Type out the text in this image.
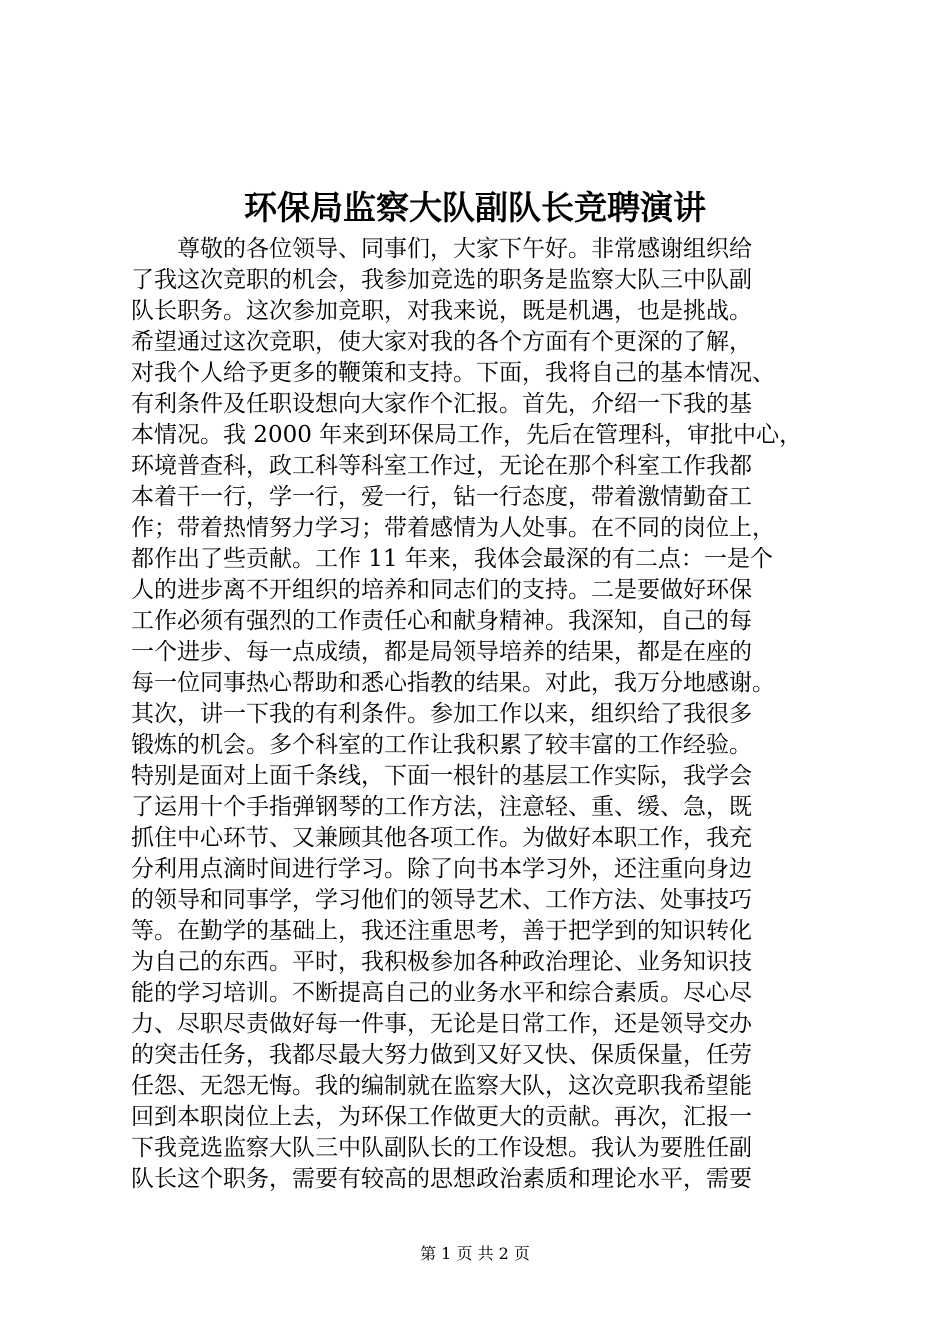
环保局监察大队副队长竞聘演讲
　　尊敬的各位领导、同事们，大家下午好。非常感谢组织给
了我这次竞职的机会，我参加竞选的职务是监察大队三中队副
队长职务。这次参加竞职，对我来说，既是机遇，也是挑战。
希望通过这次竞职，使大家对我的各个方面有个更深的了解，
对我个人给予更多的鞭策和支持。下面，我将自己的基本情况、
有利条件及任职设想向大家作个汇报。首先，介绍一下我的基
本情况。我 2000 年来到环保局工作，先后在管理科，审批中心，
环境普查科，政工科等科室工作过，无论在那个科室工作我都
本着干一行，学一行，爱一行，钻一行态度，带着激情勤奋工
作；带着热情努力学习；带着感情为人处事。在不同的岗位上，
都作出了些贡献。工作 11 年来，我体会最深的有二点：一是个
人的进步离不开组织的培养和同志们的支持。二是要做好环保
工作必须有强烈的工作责任心和献身精神。我深知，自己的每
一个进步、每一点成绩，都是局领导培养的结果，都是在座的
每一位同事热心帮助和悉心指教的结果。对此，我万分地感谢。
其次，讲一下我的有利条件。参加工作以来，组织给了我很多
锻炼的机会。多个科室的工作让我积累了较丰富的工作经验。
特别是面对上面千条线，下面一根针的基层工作实际，我学会
了运用十个手指弹钢琴的工作方法，注意轻、重、缓、急，既
抓住中心环节、又兼顾其他各项工作。为做好本职工作，我充
分利用点滴时间进行学习。除了向书本学习外，还注重向身边
的领导和同事学，学习他们的领导艺术、工作方法、处事技巧
等。在勤学的基础上，我还注重思考，善于把学到的知识转化
为自己的东西。平时，我积极参加各种政治理论、业务知识技
能的学习培训。不断提高自己的业务水平和综合素质。尽心尽
力、尽职尽责做好每一件事，无论是日常工作，还是领导交办
的突击任务，我都尽最大努力做到又好又快、保质保量，任劳
任怨、无怨无悔。我的编制就在监察大队，这次竞职我希望能
回到本职岗位上去，为环保工作做更大的贡献。再次，汇报一
下我竞选监察大队三中队副队长的工作设想。我认为要胜任副
队长这个职务，需要有较高的思想政治素质和理论水平，需要
第 1 页 共 2 页
